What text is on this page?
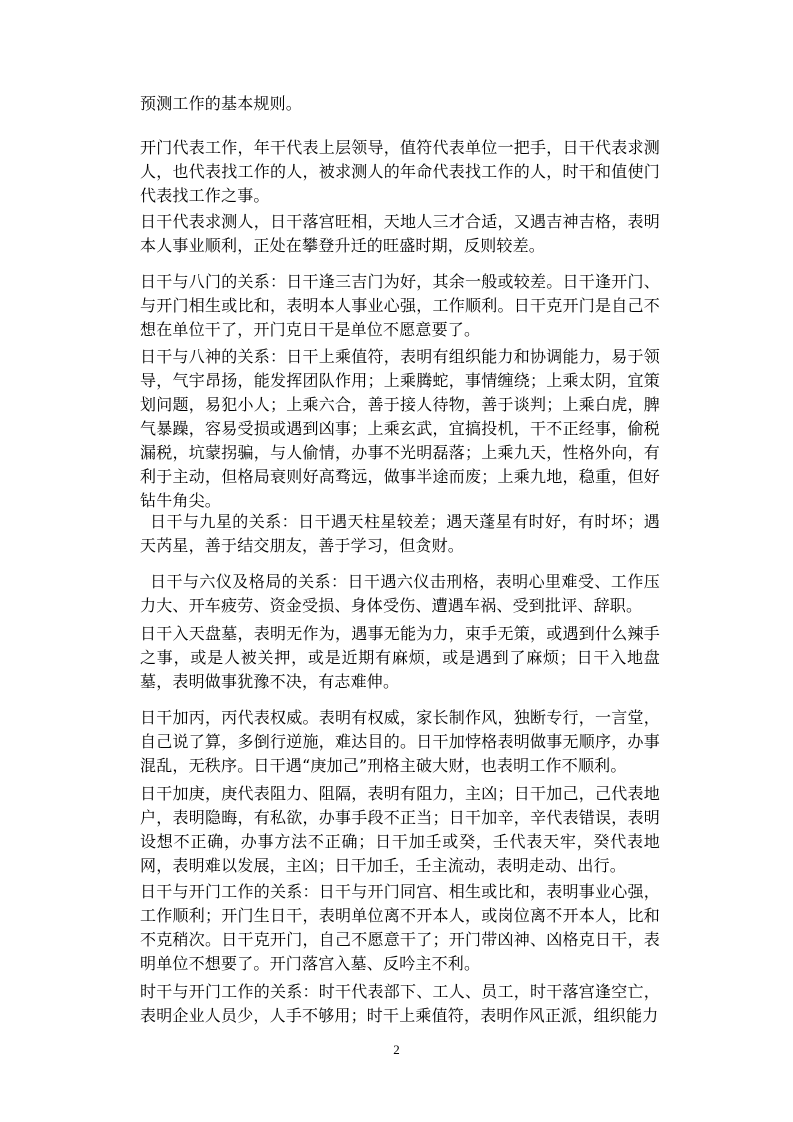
预测工作的基本规则。

开门代表工作，年干代表上层领导，值符代表单位一把手，日干代表求测人，也代表找工作的人，被求测人的年命代表找工作的人，时干和值使门代表找工作之事。

日干代表求测人，日干落宫旺相，天地人三才合适，又遇吉神吉格，表明本人事业顺利，正处在攀登升迁的旺盛时期，反则较差。

日干与八门的关系：日干逢三吉门为好，其余一般或较差。日干逢开门、与开门相生或比和，表明本人事业心强，工作顺利。日干克开门是自己不想在单位干了，开门克日干是单位不愿意要了。

日干与八神的关系：日干上乘值符，表明有组织能力和协调能力，易于领导，气宇昂扬，能发挥团队作用；上乘腾蛇，事情缠绕；上乘太阴，宜策划问题，易犯小人；上乘六合，善于接人待物，善于谈判；上乘白虎，脾气暴躁，容易受损或遇到凶事；上乘玄武，宜搞投机，干不正经事，偷税漏税，坑蒙拐骗，与人偷情，办事不光明磊落；上乘九天，性格外向，有利于主动，但格局衰则好高骛远，做事半途而废；上乘九地，稳重，但好钻牛角尖。

日干与九星的关系：日干遇天柱星较差；遇天蓬星有时好，有时坏；遇天芮星，善于结交朋友，善于学习，但贪财。

日干与六仪及格局的关系：日干遇六仪击刑格，表明心里难受、工作压力大、开车疲劳、资金受损、身体受伤、遭遇车祸、受到批评、辞职。

日干入天盘墓，表明无作为，遇事无能为力，束手无策，或遇到什么辣手之事，或是人被关押，或是近期有麻烦，或是遇到了麻烦；日干入地盘墓，表明做事犹豫不决，有志难伸。

日干加丙，丙代表权威。表明有权威，家长制作风，独断专行，一言堂，自己说了算，多倒行逆施，难达目的。日干加悖格表明做事无顺序，办事混乱，无秩序。日干遇“庚加己”刑格主破大财，也表明工作不顺利。

日干加庚，庚代表阻力、阻隔，表明有阻力，主凶；日干加己，己代表地户，表明隐晦，有私欲，办事手段不正当；日干加辛，辛代表错误，表明设想不正确，办事方法不正确；日干加壬或癸，壬代表天牢，癸代表地网，表明难以发展，主凶；日干加壬，壬主流动，表明走动、出行。

日干与开门工作的关系：日干与开门同宫、相生或比和，表明事业心强，工作顺利；开门生日干，表明单位离不开本人，或岗位离不开本人，比和不克稍次。日干克开门，自己不愿意干了；开门带凶神、凶格克日干，表明单位不想要了。开门落宫入墓、反吟主不利。

时干与开门工作的关系：时干代表部下、工人、员工，时干落宫逢空亡，表明企业人员少，人手不够用；时干上乘值符，表明作风正派，组织能力

2
